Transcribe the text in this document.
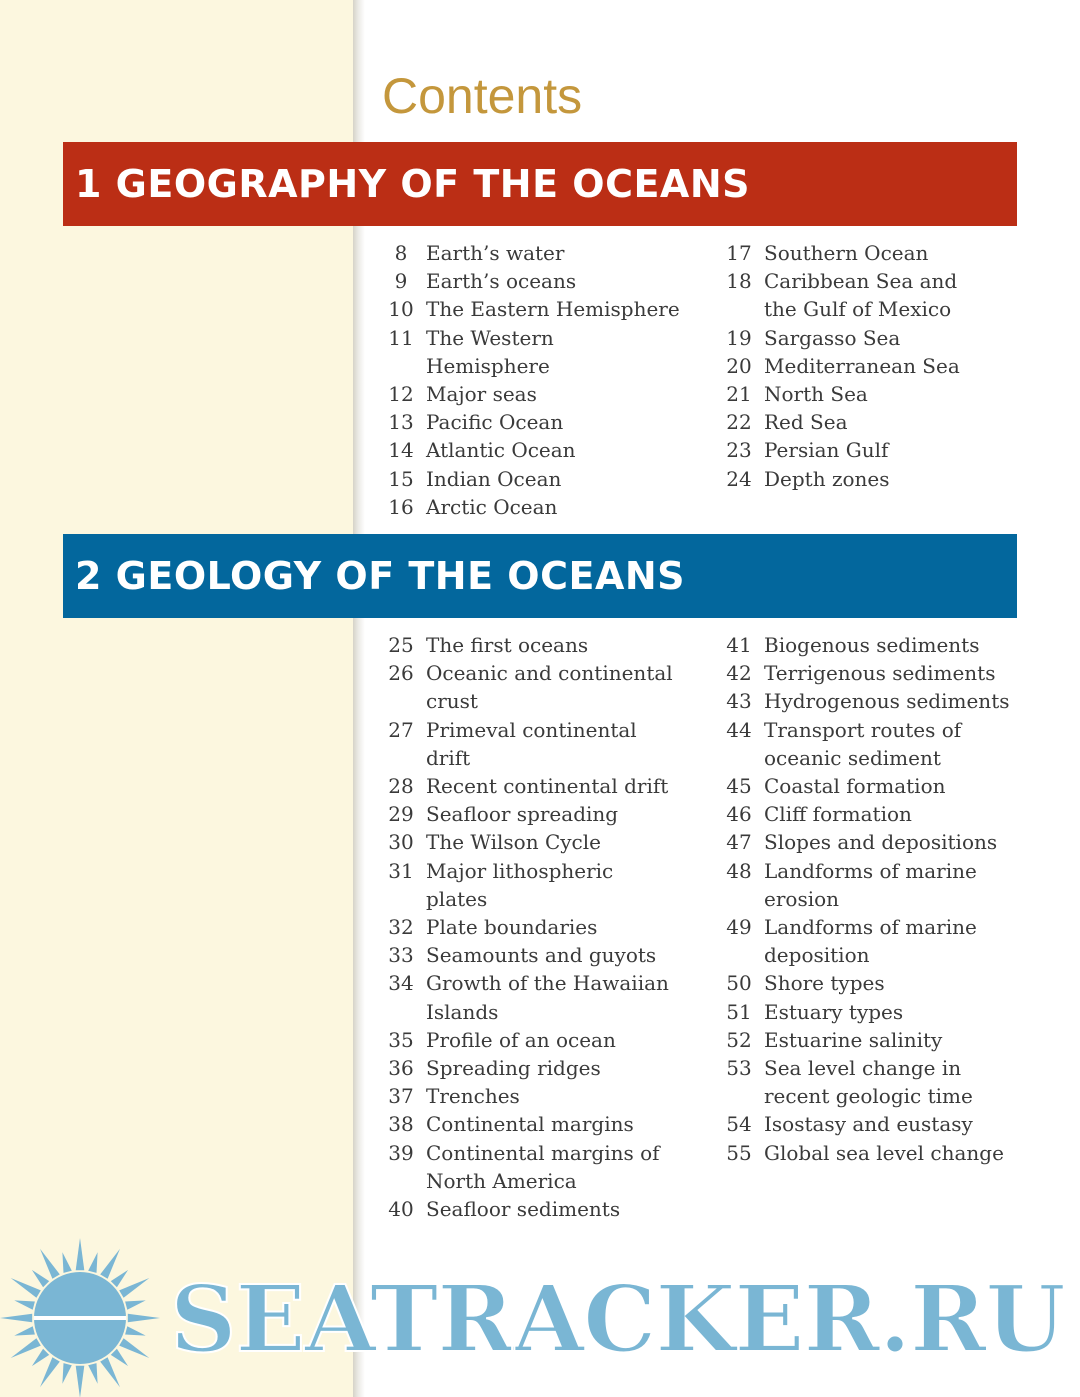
Contents
1 GEOGRAPHY OF THE OCEANS
8 Earth’s water
9 Earth’s oceans
10 The Eastern Hemisphere
11 The Western Hemisphere
12 Major seas
13 Pacific Ocean
14 Atlantic Ocean
15 Indian Ocean
16 Arctic Ocean
17 Southern Ocean
18 Caribbean Sea and the Gulf of Mexico
19 Sargasso Sea
20 Mediterranean Sea
21 North Sea
22 Red Sea
23 Persian Gulf
24 Depth zones
2 GEOLOGY OF THE OCEANS
25 The first oceans
26 Oceanic and continental crust
27 Primeval continental drift
28 Recent continental drift
29 Seafloor spreading
30 The Wilson Cycle
31 Major lithospheric plates
32 Plate boundaries
33 Seamounts and guyots
34 Growth of the Hawaiian Islands
35 Profile of an ocean
36 Spreading ridges
37 Trenches
38 Continental margins
39 Continental margins of North America
40 Seafloor sediments
41 Biogenous sediments
42 Terrigenous sediments
43 Hydrogenous sediments
44 Transport routes of oceanic sediment
45 Coastal formation
46 Cliff formation
47 Slopes and depositions
48 Landforms of marine erosion
49 Landforms of marine deposition
50 Shore types
51 Estuary types
52 Estuarine salinity
53 Sea level change in recent geologic time
54 Isostasy and eustasy
55 Global sea level change
SEATRACKER.RU
